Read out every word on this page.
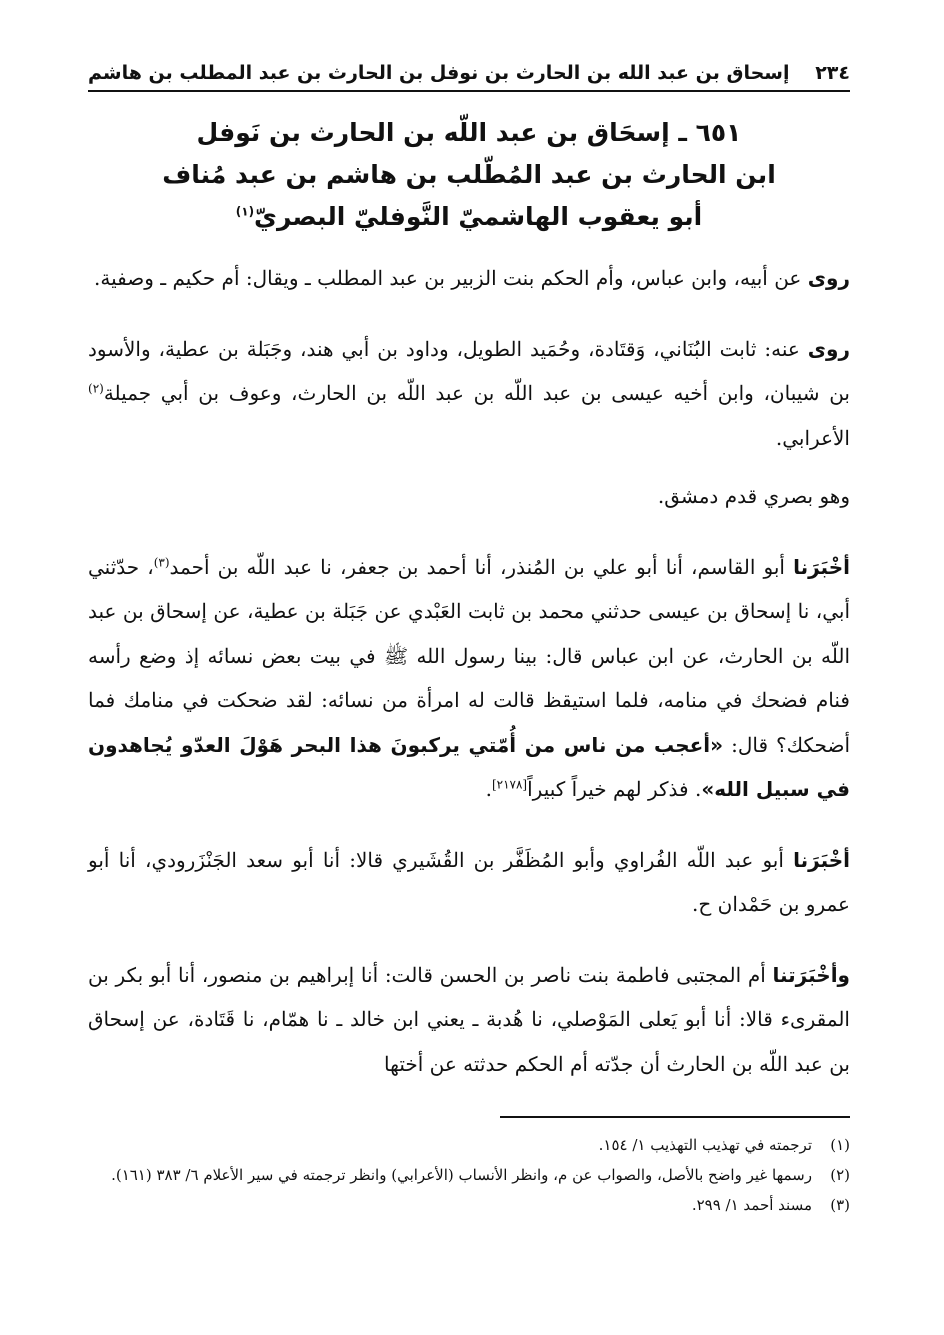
٢٣٤
إسحاق بن عبد الله بن الحارث بن نوفل بن الحارث بن عبد المطلب بن هاشم
٦٥١ ـ إسحَاق بن عبد اللّه بن الحارث بن نَوفل
ابن الحارث بن عبد المُطّلب بن هاشم بن عبد مُناف
أبو يعقوب الهاشميّ النَّوفليّ البصريّ$^{(١)}$

روى عن أبيه، وابن عباس، وأم الحكم بنت الزبير بن عبد المطلب ـ ويقال: أم حكيم ـ وصفية.

روى عنه: ثابت البُنَاني، وَقتَادة، وحُمَيد الطويل، وداود بن أبي هند، وجَبَلة بن عطية، والأسود بن شيبان، وابن أخيه عيسى بن عبد اللّه بن عبد اللّه بن الحارث، وعوف بن أبي جميلة$^{(٢)}$ الأعرابي.

وهو بصري قدم دمشق.

أخْبَرَنا أبو القاسم، أنا أبو علي بن المُنذر، أنا أحمد بن جعفر، نا عبد اللّه بن أحمد$^{(٣)}$، حدّثني أبي، نا إسحاق بن عيسى حدثني محمد بن ثابت العَبْدي عن جَبَلة بن عطية، عن إسحاق بن عبد اللّه بن الحارث، عن ابن عباس قال: بينا رسول الله ﷺ في بيت بعض نسائه إذ وضع رأسه فنام فضحك في منامه، فلما استيقظ قالت له امرأة من نسائه: لقد ضحكت في منامك فما أضحكك؟ قال: «أعجب من ناس من أُمّتي يركبونَ هذا البحر هَوْلَ العدّو يُجاهدون في سبيل الله». فذكر لهم خيراً كبيراً[٢١٧٨].

أخْبَرَنا أبو عبد اللّه الفُراوي وأبو المُظَفَّر بن القُشَيري قالا: أنا أبو سعد الجَنْزَرودي، أنا أبو عمرو بن حَمْدان ح.

وأخْبَرَتنا أم المجتبى فاطمة بنت ناصر بن الحسن قالت: أنا إبراهيم بن منصور، أنا أبو بكر بن المقرىء قالا: أنا أبو يَعلى المَوْصلي، نا هُدبة ـ يعني ابن خالد ـ نا همّام، نا قَتَادة، عن إسحاق بن عبد اللّه بن الحارث أن جدّته أم الحكم حدثته عن أختها

(١)
ترجمته في تهذيب التهذيب ١/ ١٥٤.
(٢)
رسمها غير واضح بالأصل، والصواب عن م، وانظر الأنساب (الأعرابي) وانظر ترجمته في سير الأعلام ٦/ ٣٨٣ (١٦١).
(٣)
مسند أحمد ١/ ٢٩٩.
